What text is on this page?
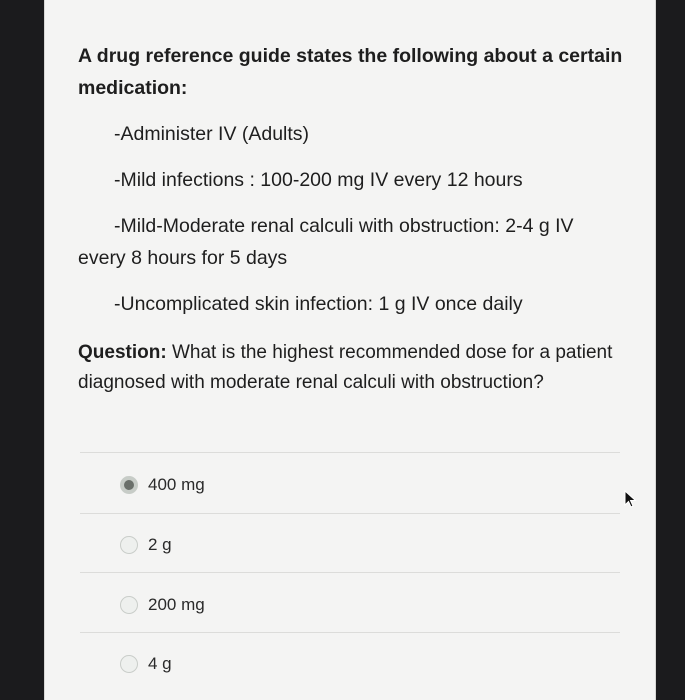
A drug reference guide states the following about a certain medication:
-Administer IV (Adults)
-Mild infections : 100-200 mg IV every 12 hours
-Mild-Moderate renal calculi with obstruction: 2-4 g IV every 8 hours for 5 days
-Uncomplicated skin infection: 1 g IV once daily
Question: What is the highest recommended dose for a patient diagnosed with moderate renal calculi with obstruction?
400 mg
2 g
200 mg
4 g
